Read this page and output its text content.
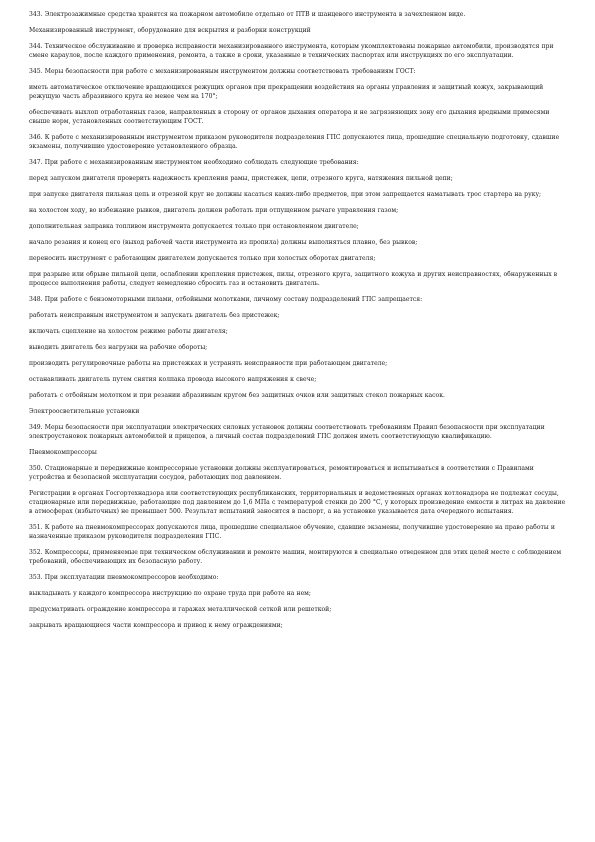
343. Электрозажимные средства хранятся на пожарном автомобиле отдельно от ПТВ и шанцевого инструмента в зачехленном виде.

Механизированный инструмент, оборудование для вскрытия и разборки конструкций

344. Техническое обслуживание и проверка исправности механизированного инструмента, которым укомплектованы пожарные автомобили, производятся при смене караулов, после каждого применения, ремонта, а также в сроки, указанные в технических паспортах или инструкциях по его эксплуатации.

345. Меры безопасности при работе с механизированным инструментом должны соответствовать требованиям ГОСТ:

иметь автоматическое отключение вращающихся режущих органов при прекращении воздействия на органы управления и защитный кожух, закрывающий режущую часть абразивного круга не менее чем на 170°;

обеспечивать выхлоп отработанных газов, направленных в сторону от органов дыхания оператора и не загрязняющих зону его дыхания вредными примесями свыше норм, установленных соответствующим ГОСТ.

346. К работе с механизированным инструментом приказом руководителя подразделения ГПС допускаются лица, прошедшие специальную подготовку, сдавшие экзамены, получившие удостоверение установленного образца.

347. При работе с механизированным инструментом необходимо соблюдать следующие требования:

перед запуском двигателя проверить надежность крепления рамы, пристежек, цепи, отрезного круга, натяжения пильной цепи;

при запуске двигателя пильная цепь и отрезной круг не должны касаться каких-либо предметов, при этом запрещается наматывать трос стартера на руку;

на холостом ходу, во избежание рывков, двигатель должен работать при отпущенном рычаге управления газом;

дополнительная заправка топливом инструмента допускается только при остановленном двигателе;

начало резания и конец его (выход рабочей части инструмента из пропила) должны выполняться плавно, без рывков;

переносить инструмент с работающим двигателем допускается только при холостых оборотах двигателя;

при разрыве или обрыве пильной цепи, ослаблении крепления пристежек, пилы, отрезного круга, защитного кожуха и других неисправностях, обнаруженных в процессе выполнения работы, следует немедленно сбросить газ и остановить двигатель.

348. При работе с бензомоторными пилами, отбойными молотками, личному составу подразделений ГПС запрещается:

работать неисправным инструментом и запускать двигатель без пристежек;

включать сцепление на холостом режиме работы двигателя;

выводить двигатель без нагрузки на рабочие обороты;

производить регулировочные работы на пристежках и устранять неисправности при работающем двигателе;

останавливать двигатель путем снятия колпака провода высокого напряжения к свече;

работать с отбойным молотком и при резании абразивным кругом без защитных очков или защитных стекол пожарных касок.

Электроосветительные установки

349. Меры безопасности при эксплуатации электрических силовых установок должны соответствовать требованиям Правил безопасности при эксплуатации электроустановок пожарных автомобилей и прицепов, а личный состав подразделений ГПС должен иметь соответствующую квалификацию.

Пневмокомпрессоры

350. Стационарные и передвижные компрессорные установки должны эксплуатироваться, ремонтироваться и испытываться в соответствии с Правилами устройства и безопасной эксплуатации сосудов, работающих под давлением.

Регистрации в органах Госгортехнадзора или соответствующих республиканских, территориальных и ведомственных органах котлонадзора не подлежат сосуды, стационарные или передвижные, работающие под давлением до 1,6 МПа с температурой стенки до 200 °С, у которых произведение емкости в литрах на давление в атмосферах (избыточных) не превышает 500. Результат испытаний заносится в паспорт, а на установке указывается дата очередного испытания.

351. К работе на пневмокомпрессорах допускаются лица, прошедшие специальное обучение, сдавшие экзамены, получившие удостоверение на право работы и назначенные приказом руководителя подразделения ГПС.

352. Компрессоры, применяемые при техническом обслуживании и ремонте машин, монтируются в специально отведенном для этих целей месте с соблюдением требований, обеспечивающих их безопасную работу.

353. При эксплуатации пневмокомпрессоров необходимо:

выкладывать у каждого компрессора инструкцию по охране труда при работе на нем;

предусматривать ограждение компрессора и гаражах металлической сеткой или решеткой;

закрывать вращающиеся части компрессора и привод к нему ограждениями;
